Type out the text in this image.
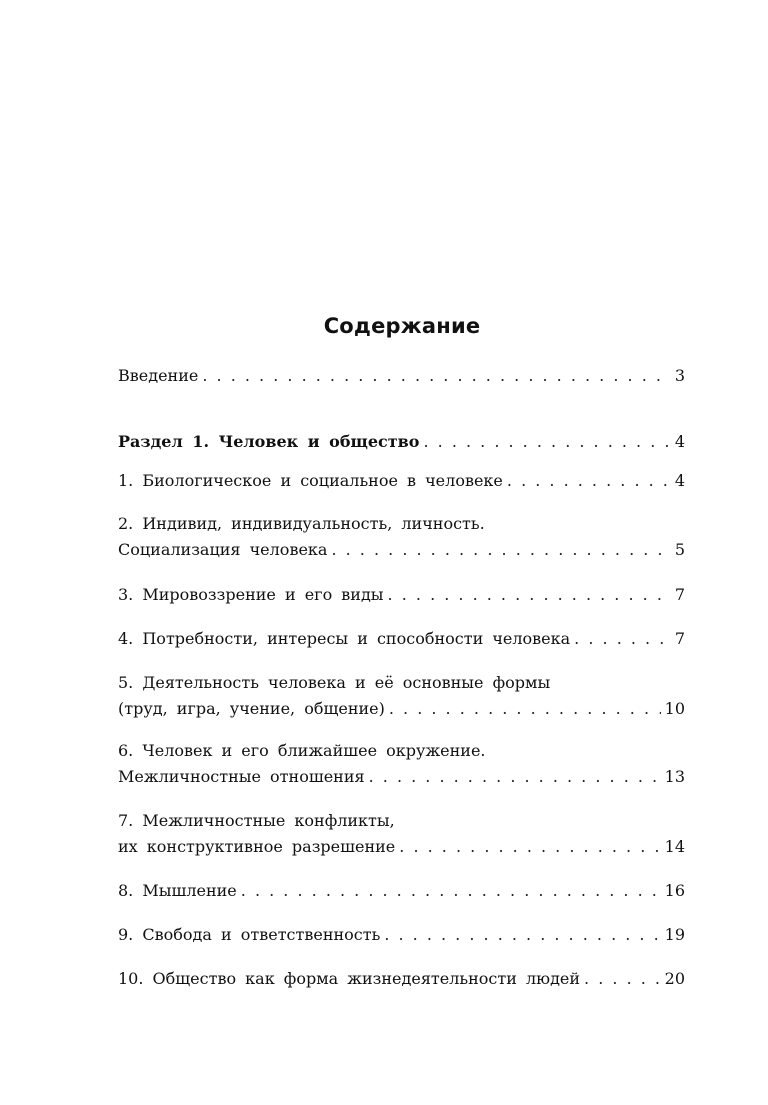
Содержание
Введение . . .	3
Раздел 1. Человек и общество . . .	4
1. Биологическое и социальное в человеке . . .	4
2. Индивид, индивидуальность, личность.
Социализация человека . . .	5
3. Мировоззрение и его виды . . .	7
4. Потребности, интересы и способности человека . . .	7
5. Деятельность человека и её основные формы
(труд, игра, учение, общение) . . .	10
6. Человек и его ближайшее окружение.
Межличностные отношения . . .	13
7. Межличностные конфликты,
их конструктивное разрешение . . .	14
8. Мышление . . .	16
9. Свобода и ответственность . . .	19
10. Общество как форма жизнедеятельности людей . . .	20
